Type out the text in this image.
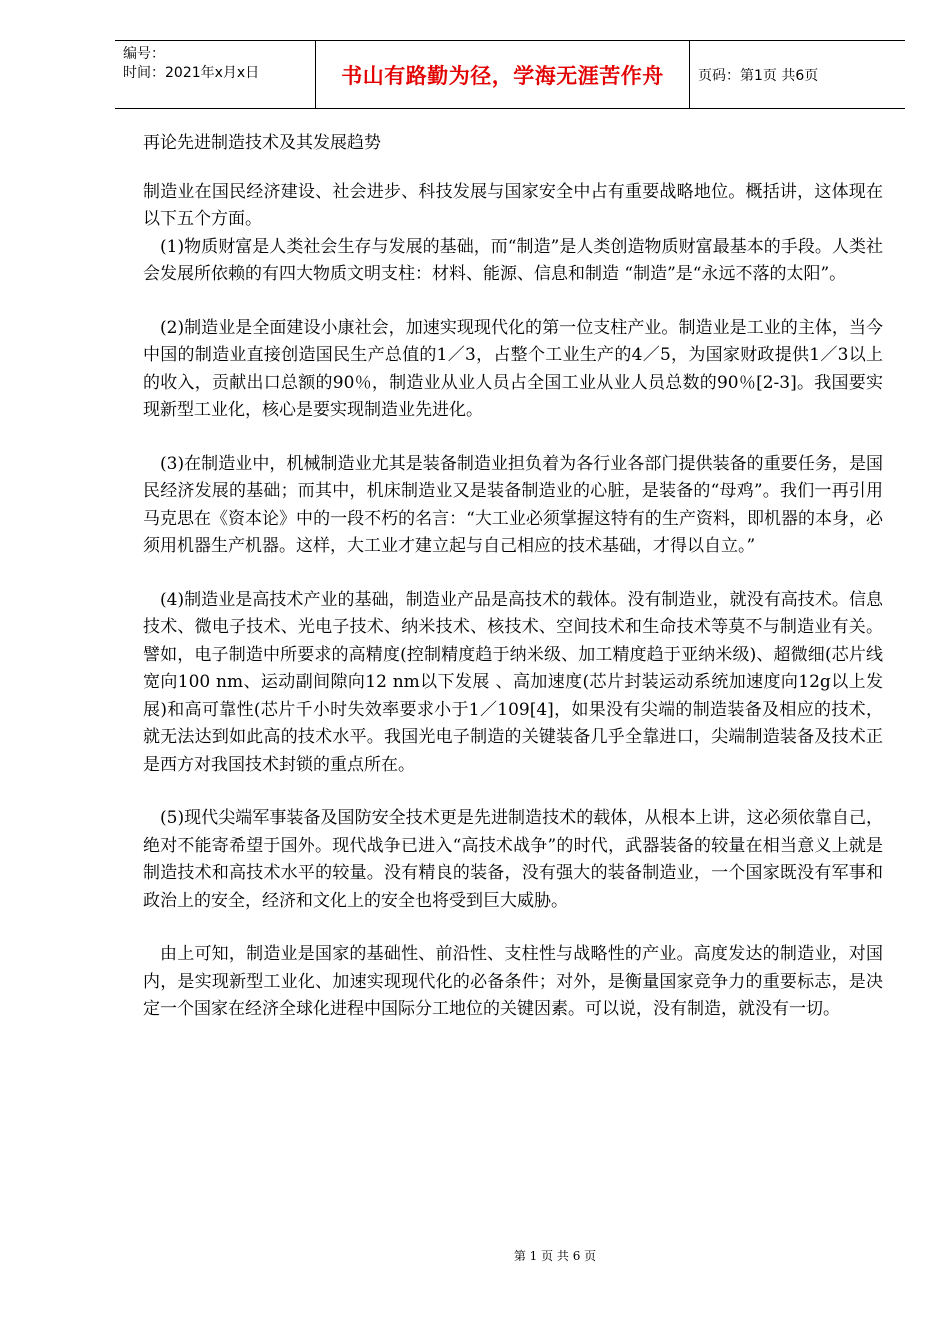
编号：
时间：2021年x月x日	书山有路勤为径，学海无涯苦作舟	页码：第1页 共6页
再论先进制造技术及其发展趋势

制造业在国民经济建设、社会进步、科技发展与国家安全中占有重要战略地位。概括讲，这体现在以下五个方面。

(1)物质财富是人类社会生存与发展的基础，而“制造”是人类创造物质财富最基本的手段。人类社会发展所依赖的有四大物质文明支柱：材料、能源、信息和制造 “制造”是“永远不落的太阳”。

(2)制造业是全面建设小康社会，加速实现现代化的第一位支柱产业。制造业是工业的主体，当今中国的制造业直接创造国民生产总值的1／3，占整个工业生产的4／5，为国家财政提供1／3以上的收入，贡献出口总额的90％，制造业从业人员占全国工业从业人员总数的90％[2-3]。我国要实现新型工业化，核心是要实现制造业先进化。

(3)在制造业中，机械制造业尤其是装备制造业担负着为各行业各部门提供装备的重要任务，是国民经济发展的基础；而其中，机床制造业又是装备制造业的心脏，是装备的“母鸡”。我们一再引用马克思在《资本论》中的一段不朽的名言：“大工业必须掌握这特有的生产资料，即机器的本身，必须用机器生产机器。这样，大工业才建立起与自己相应的技术基础，才得以自立。”

(4)制造业是高技术产业的基础，制造业产品是高技术的载体。没有制造业，就没有高技术。信息技术、微电子技术、光电子技术、纳米技术、核技术、空间技术和生命技术等莫不与制造业有关。譬如，电子制造中所要求的高精度(控制精度趋于纳米级、加工精度趋于亚纳米级)、超微细(芯片线宽向100 nm、运动副间隙向12 nm以下发展 、高加速度(芯片封装运动系统加速度向12g以上发展)和高可靠性(芯片千小时失效率要求小于1／109[4]，如果没有尖端的制造装备及相应的技术，就无法达到如此高的技术水平。我国光电子制造的关键装备几乎全靠进口，尖端制造装备及技术正是西方对我国技术封锁的重点所在。

(5)现代尖端军事装备及国防安全技术更是先进制造技术的载体，从根本上讲，这必须依靠自己，绝对不能寄希望于国外。现代战争已进入“高技术战争”的时代，武器装备的较量在相当意义上就是制造技术和高技术水平的较量。没有精良的装备，没有强大的装备制造业，一个国家既没有军事和政治上的安全，经济和文化上的安全也将受到巨大威胁。

由上可知，制造业是国家的基础性、前沿性、支柱性与战略性的产业。高度发达的制造业，对国内，是实现新型工业化、加速实现现代化的必备条件；对外，是衡量国家竞争力的重要标志，是决定一个国家在经济全球化进程中国际分工地位的关键因素。可以说，没有制造，就没有一切。

第 1 页 共 6 页
